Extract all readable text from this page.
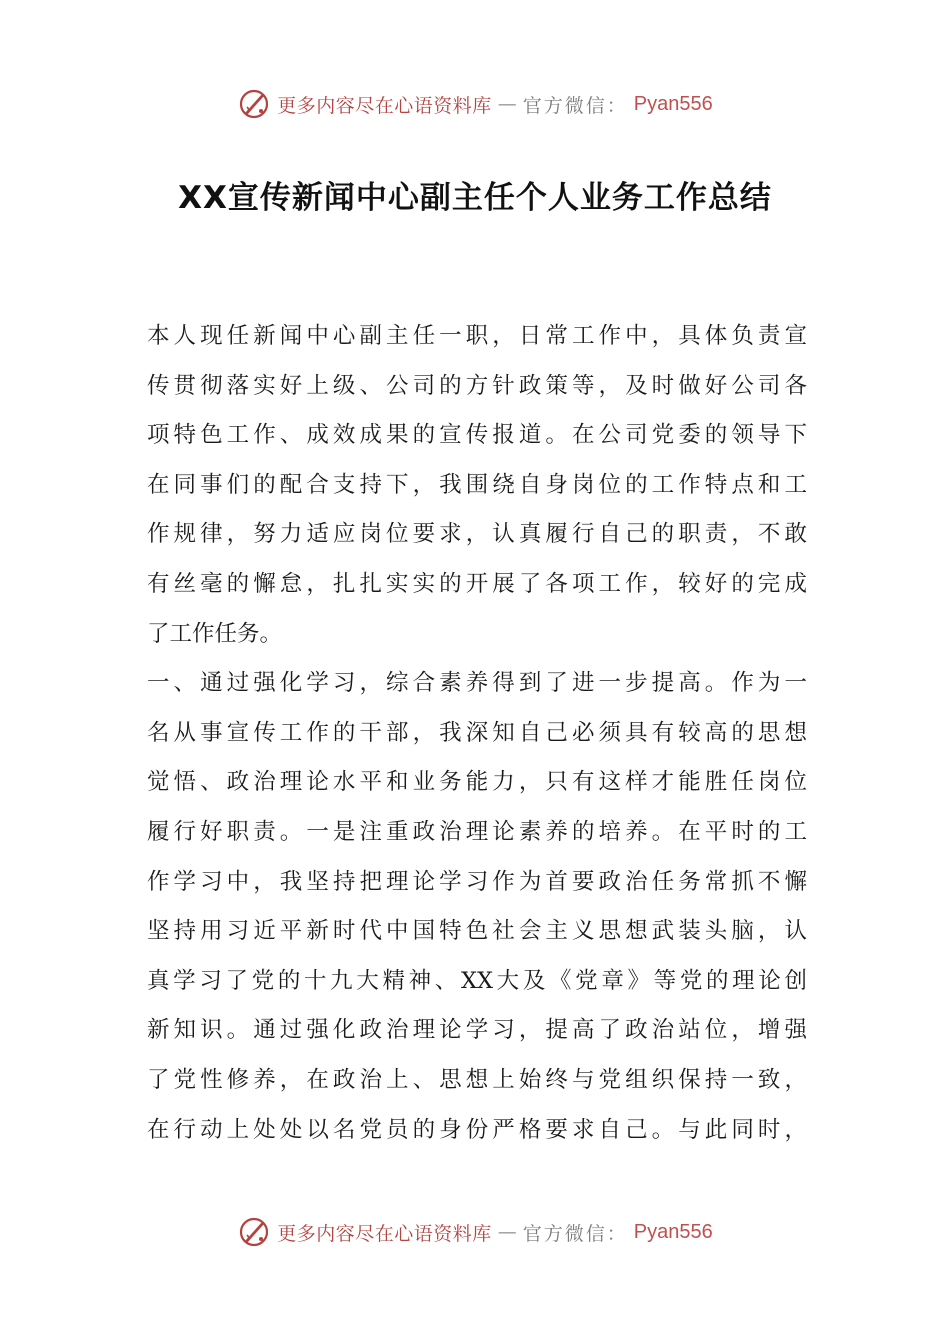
更多内容尽在心语资料库 — 官方微信： Pyan556
XX宣传新闻中心副主任个人业务工作总结
本人现任新闻中心副主任一职，日常工作中，具体负责宣
传贯彻落实好上级、公司的方针政策等，及时做好公司各
项特色工作、成效成果的宣传报道。在公司党委的领导下
在同事们的配合支持下，我围绕自身岗位的工作特点和工
作规律，努力适应岗位要求，认真履行自己的职责，不敢
有丝毫的懈怠，扎扎实实的开展了各项工作，较好的完成
了工作任务。
一、通过强化学习，综合素养得到了进一步提高。作为一
名从事宣传工作的干部，我深知自己必须具有较高的思想
觉悟、政治理论水平和业务能力，只有这样才能胜任岗位
履行好职责。一是注重政治理论素养的培养。在平时的工
作学习中，我坚持把理论学习作为首要政治任务常抓不懈
坚持用习近平新时代中国特色社会主义思想武装头脑，认
真学习了党的十九大精神、XX大及《党章》等党的理论创
新知识。通过强化政治理论学习，提高了政治站位，增强
了党性修养，在政治上、思想上始终与党组织保持一致，
在行动上处处以名党员的身份严格要求自己。与此同时，
更多内容尽在心语资料库 — 官方微信： Pyan556
